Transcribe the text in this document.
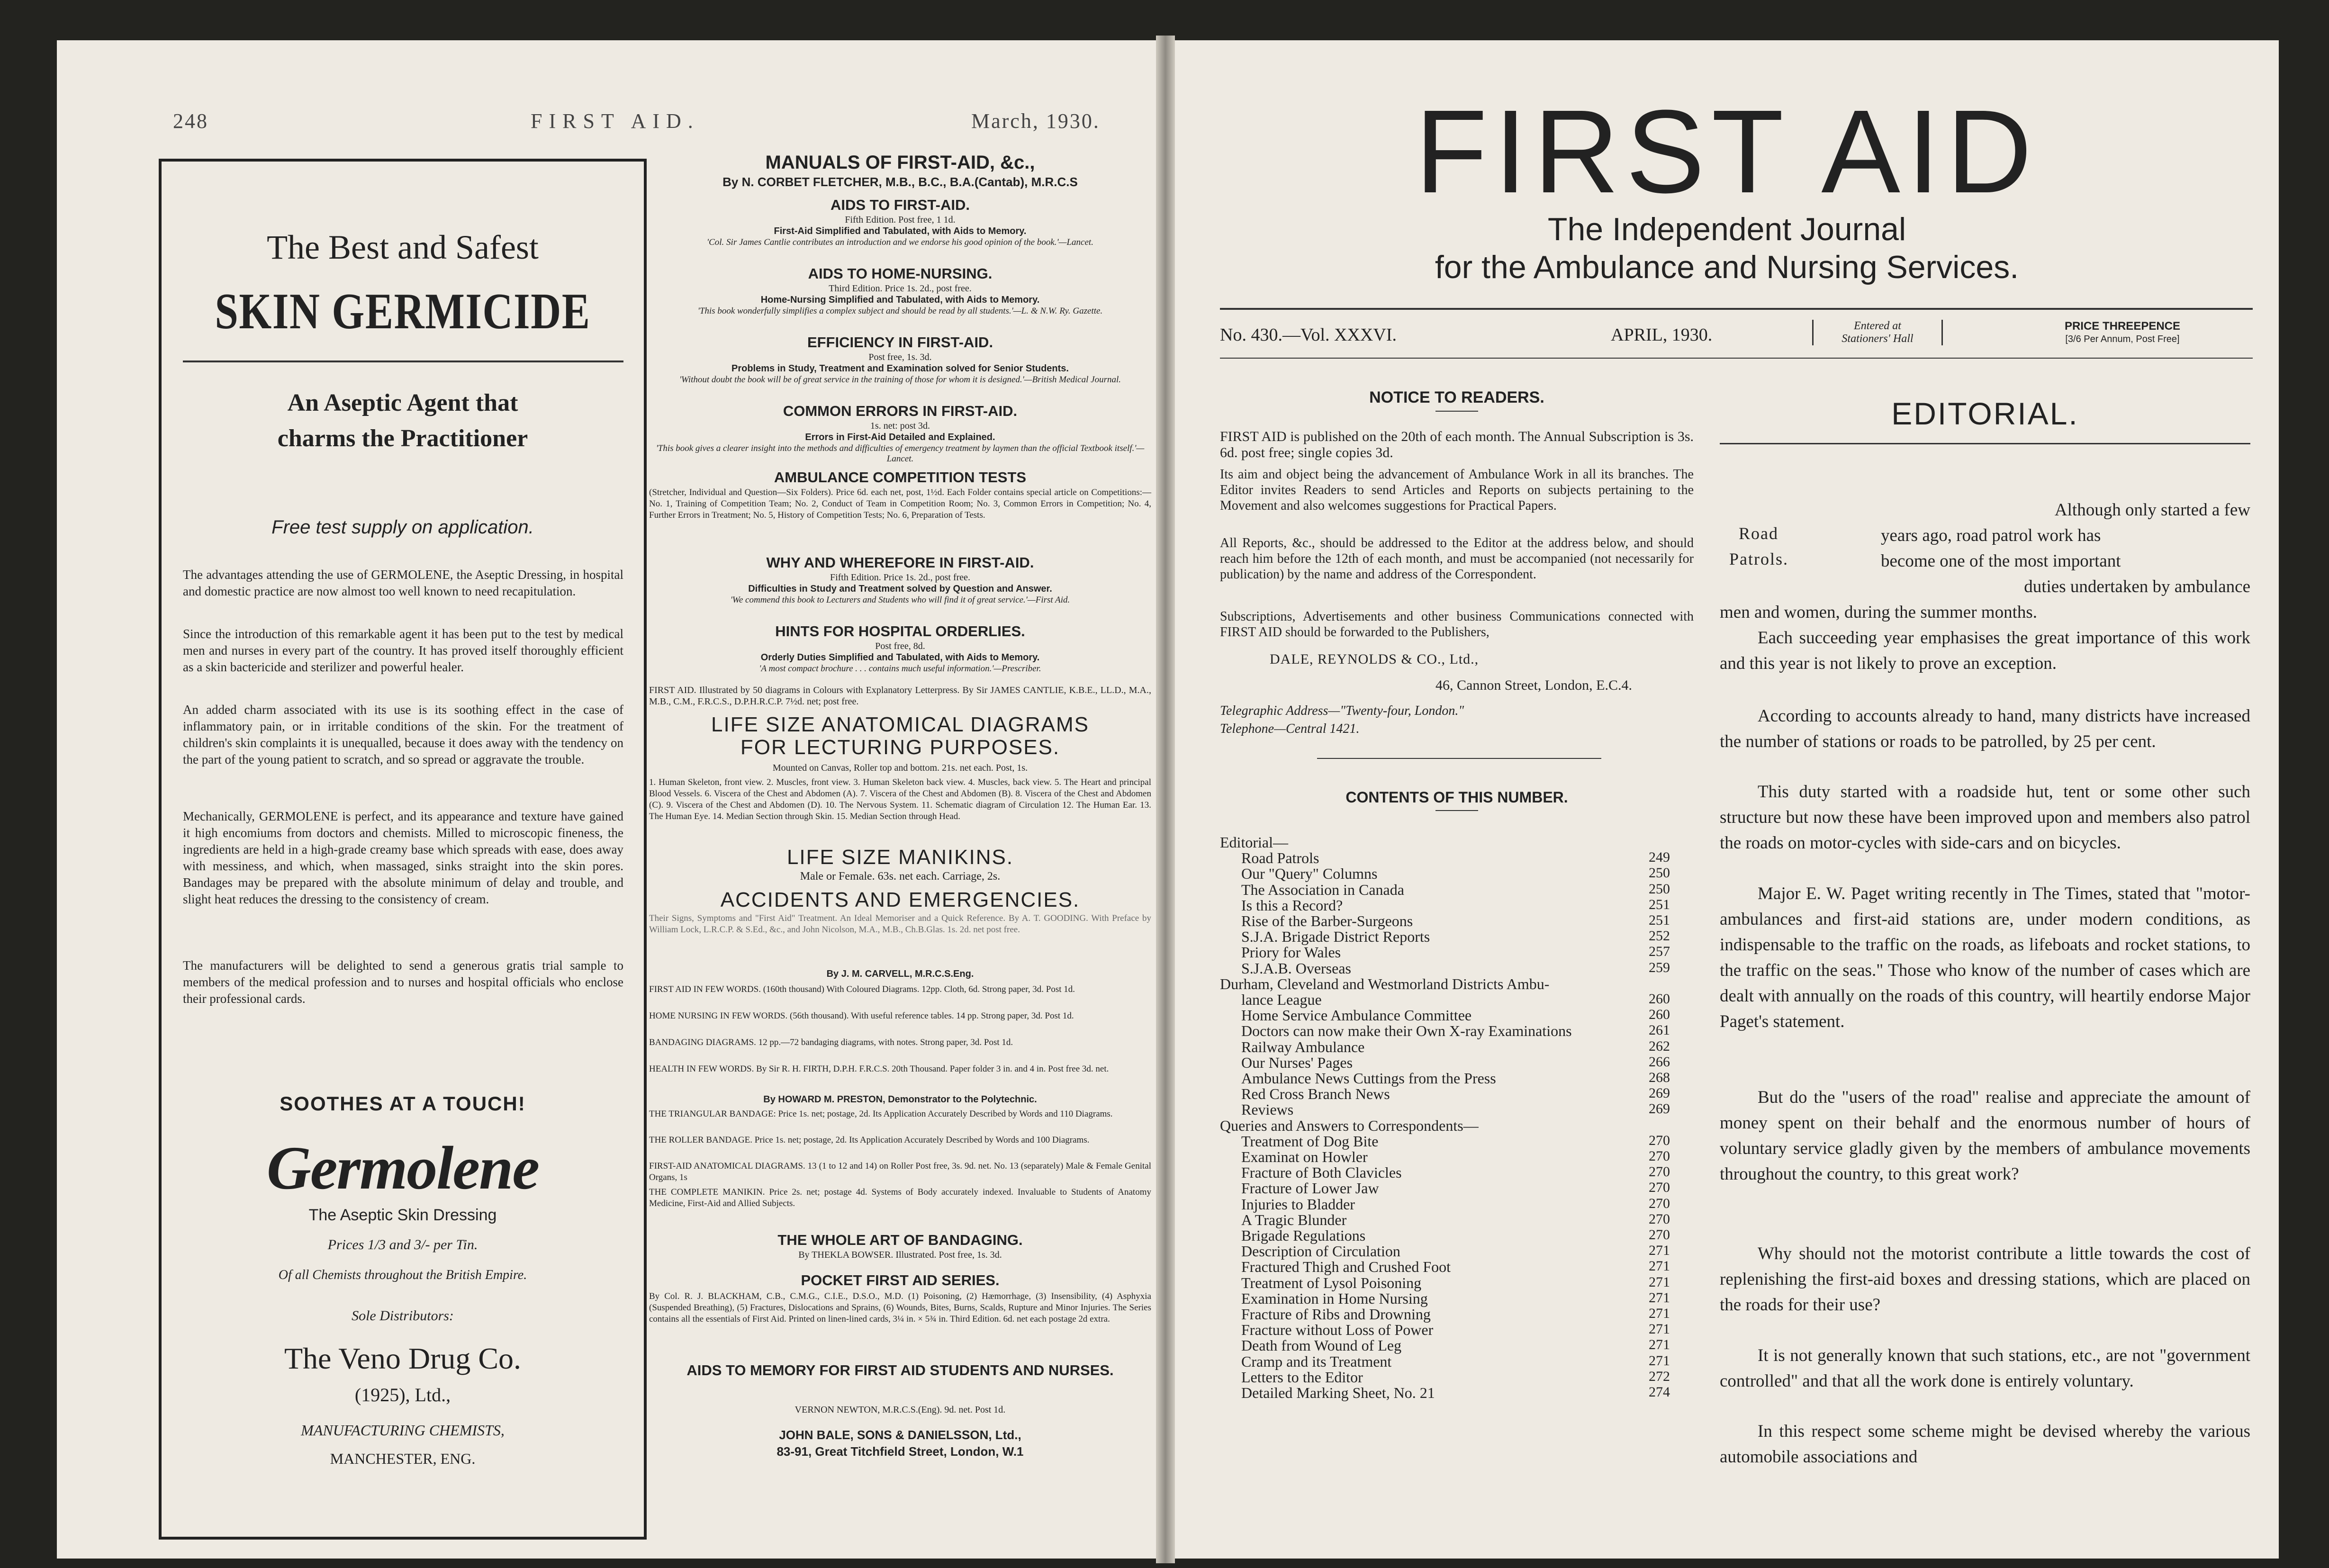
248	FIRST AID.	March, 1930.
The Best and Safest
SKIN GERMICIDE
An Aseptic Agent that
charms the Practitioner
Free test supply on application.
The advantages attending the use of GERMOLENE, the Aseptic Dressing, in hospital and domestic practice are now almost too well known to need recapitulation.
Since the introduction of this remarkable agent it has been put to the test by medical men and nurses in every part of the country. It has proved itself thoroughly efficient as a skin bactericide and sterilizer and powerful healer.
An added charm associated with its use is its soothing effect in the case of inflammatory pain, or in irritable conditions of the skin. For the treatment of children's skin complaints it is unequalled, because it does away with the tendency on the part of the young patient to scratch, and so spread or aggravate the trouble.
Mechanically, GERMOLENE is perfect, and its appearance and texture have gained it high encomiums from doctors and chemists. Milled to microscopic fineness, the ingredients are held in a high-grade creamy base which spreads with ease, does away with messiness, and which, when massaged, sinks straight into the skin pores. Bandages may be prepared with the absolute minimum of delay and trouble, and slight heat reduces the dressing to the consistency of cream.
The manufacturers will be delighted to send a generous gratis trial sample to members of the medical profession and to nurses and hospital officials who enclose their professional cards.
SOOTHES AT A TOUCH!
Germolene
The Aseptic Skin Dressing
Prices 1/3 and 3/- per Tin.
Of all Chemists throughout the British Empire.
Sole Distributors:
The Veno Drug Co.
(1925), Ltd.,
MANUFACTURING CHEMISTS,
MANCHESTER, ENG.
MANUALS OF FIRST-AID, &c.,
By N. CORBET FLETCHER, M.B., B.C., B.A.(Cantab), M.R.C.S
AIDS TO FIRST-AID.
Fifth Edition. Post free, 1 1d.
First-Aid Simplified and Tabulated, with Aids to Memory.
'Col. Sir James Cantlie contributes an introduction and we endorse his good opinion of the book.'—Lancet.
AIDS TO HOME-NURSING.
Third Edition. Price 1s. 2d., post free.
Home-Nursing Simplified and Tabulated, with Aids to Memory.
'This book wonderfully simplifies a complex subject and should be read by all students.'—L. & N.W. Ry. Gazette.
EFFICIENCY IN FIRST-AID.
Post free, 1s. 3d.
Problems in Study, Treatment and Examination solved for Senior Students.
'Without doubt the book will be of great service in the training of those for whom it is designed.'—British Medical Journal.
COMMON ERRORS IN FIRST-AID.
1s. net: post 3d.
Errors in First-Aid Detailed and Explained.
'This book gives a clearer insight into the methods and difficulties of emergency treatment by laymen than the official Textbook itself.'—Lancet.
AMBULANCE COMPETITION TESTS
(Stretcher, Individual and Question—Six Folders). Price 6d. each net, post, 1½d. Each Folder contains special article on Competitions:—No. 1, Training of Competition Team; No. 2, Conduct of Team in Competition Room; No. 3, Common Errors in Competition; No. 4, Further Errors in Treatment; No. 5, History of Competition Tests; No. 6, Preparation of Tests.
WHY AND WHEREFORE IN FIRST-AID.
Fifth Edition. Price 1s. 2d., post free.
Difficulties in Study and Treatment solved by Question and Answer.
'We commend this book to Lecturers and Students who will find it of great service.'—First Aid.
HINTS FOR HOSPITAL ORDERLIES.
Post free, 8d.
Orderly Duties Simplified and Tabulated, with Aids to Memory.
'A most compact brochure . . . contains much useful information.'—Prescriber.
FIRST AID. Illustrated by 50 diagrams in Colours with Explanatory Letterpress. By Sir JAMES CANTLIE, K.B.E., LL.D., M.A., M.B., C.M., F.R.C.S., D.P.H.R.C.P. 7½d. net; post free.
LIFE SIZE ANATOMICAL DIAGRAMS
FOR LECTURING PURPOSES.
Mounted on Canvas, Roller top and bottom. 21s. net each. Post, 1s.
1. Human Skeleton, front view. 2. Muscles, front view. 3. Human Skeleton back view. 4. Muscles, back view. 5. The Heart and principal Blood Vessels. 6. Viscera of the Chest and Abdomen (A). 7. Viscera of the Chest and Abdomen (B). 8. Viscera of the Chest and Abdomen (C). 9. Viscera of the Chest and Abdomen (D). 10. The Nervous System. 11. Schematic diagram of Circulation 12. The Human Ear. 13. The Human Eye. 14. Median Section through Skin. 15. Median Section through Head.
LIFE SIZE MANIKINS.
Male or Female. 63s. net each. Carriage, 2s.
ACCIDENTS AND EMERGENCIES.
Their Signs, Symptoms and "First Aid" Treatment. An Ideal Memoriser and a Quick Reference. By A. T. GOODING. With Preface by William Lock, L.R.C.P. & S.Ed., &c., and John Nicolson, M.A., M.B., Ch.B.Glas. 1s. 2d. net post free.
By J. M. CARVELL, M.R.C.S.Eng.
FIRST AID IN FEW WORDS. (160th thousand) With Coloured Diagrams. 12pp. Cloth, 6d. Strong paper, 3d. Post 1d.
HOME NURSING IN FEW WORDS. (56th thousand). With useful reference tables. 14 pp. Strong paper, 3d. Post 1d.
BANDAGING DIAGRAMS. 12 pp.—72 bandaging diagrams, with notes. Strong paper, 3d. Post 1d.
HEALTH IN FEW WORDS. By Sir R. H. FIRTH, D.P.H. F.R.C.S. 20th Thousand. Paper folder 3 in. and 4 in. Post free 3d. net.
By HOWARD M. PRESTON, Demonstrator to the Polytechnic.
THE TRIANGULAR BANDAGE: Price 1s. net; postage, 2d. Its Application Accurately Described by Words and 110 Diagrams.
THE ROLLER BANDAGE. Price 1s. net; postage, 2d. Its Application Accurately Described by Words and 100 Diagrams.
FIRST-AID ANATOMICAL DIAGRAMS. 13 (1 to 12 and 14) on Roller Post free, 3s. 9d. net. No. 13 (separately) Male & Female Genital Organs, 1s
THE COMPLETE MANIKIN. Price 2s. net; postage 4d. Systems of Body accurately indexed. Invaluable to Students of Anatomy Medicine, First-Aid and Allied Subjects.
THE WHOLE ART OF BANDAGING.
By THEKLA BOWSER. Illustrated. Post free, 1s. 3d.
POCKET FIRST AID SERIES.
By Col. R. J. BLACKHAM, C.B., C.M.G., C.I.E., D.S.O., M.D. (1) Poisoning, (2) Hæmorrhage, (3) Insensibility, (4) Asphyxia (Suspended Breathing), (5) Fractures, Dislocations and Sprains, (6) Wounds, Bites, Burns, Scalds, Rupture and Minor Injuries. The Series contains all the essentials of First Aid. Printed on linen-lined cards, 3¼ in. × 5¾ in. Third Edition. 6d. net each postage 2d extra.
AIDS TO MEMORY FOR FIRST AID STUDENTS AND NURSES.
VERNON NEWTON, M.R.C.S.(Eng). 9d. net. Post 1d.
JOHN BALE, SONS & DANIELSSON, Ltd.,
83-91, Great Titchfield Street, London, W.1
FIRST AID
The Independent Journal
for the Ambulance and Nursing Services.
No. 430.—Vol. XXXVI.	APRIL, 1930.	Entered at
Stationers' Hall
PRICE THREEPENCE
[3/6 Per Annum, Post Free]
NOTICE TO READERS.
FIRST AID is published on the 20th of each month. The Annual Subscription is 3s. 6d. post free; single copies 3d.
Its aim and object being the advancement of Ambulance Work in all its branches. The Editor invites Readers to send Articles and Reports on subjects pertaining to the Movement and also welcomes suggestions for Practical Papers.
All Reports, &c., should be addressed to the Editor at the address below, and should reach him before the 12th of each month, and must be accompanied (not necessarily for publication) by the name and address of the Correspondent.
Subscriptions, Advertisements and other business Communications connected with FIRST AID should be forwarded to the Publishers,
DALE, REYNOLDS & CO., Ltd.,
46, Cannon Street, London, E.C.4.
Telegraphic Address—"Twenty-four, London."
Telephone—Central 1421.
CONTENTS OF THIS NUMBER.
EDITORIAL.
Road
Patrols.
Although only started a few
years ago, road patrol work has
become one of the most important
duties undertaken by ambulance
men and women, during the summer months.
Each succeeding year emphasises the great importance of this work and this year is not likely to prove an exception.
According to accounts already to hand, many districts have increased the number of stations or roads to be patrolled, by 25 per cent.
This duty started with a roadside hut, tent or some other such structure but now these have been improved upon and members also patrol the roads on motor-cycles with side-cars and on bicycles.
Major E. W. Paget writing recently in The Times, stated that "motor-ambulances and first-aid stations are, under modern conditions, as indispensable to the traffic on the roads, as lifeboats and rocket stations, to the traffic on the seas." Those who know of the number of cases which are dealt with annually on the roads of this country, will heartily endorse Major Paget's statement.
But do the "users of the road" realise and appreciate the amount of money spent on their behalf and the enormous number of hours of voluntary service gladly given by the members of ambulance movements throughout the country, to this great work?
Why should not the motorist contribute a little towards the cost of replenishing the first-aid boxes and dressing stations, which are placed on the roads for their use?
It is not generally known that such stations, etc., are not "government controlled" and that all the work done is entirely voluntary.
In this respect some scheme might be devised whereby the various automobile associations and
Editorial—
Road Patrols	249
Our "Query" Columns	250
The Association in Canada	250
Is this a Record?	251
Rise of the Barber-Surgeons	251
S.J.A. Brigade District Reports	252
Priory for Wales	257
S.J.A.B. Overseas	259
Durham, Cleveland and Westmorland Districts Ambu-
lance League	260
Home Service Ambulance Committee	260
Doctors can now make their Own X-ray Examinations	261
Railway Ambulance	262
Our Nurses' Pages	266
Ambulance News Cuttings from the Press	268
Red Cross Branch News	269
Reviews	269
Queries and Answers to Correspondents—
Treatment of Dog Bite	270
Examinat on Howler	270
Fracture of Both Clavicles	270
Fracture of Lower Jaw	270
Injuries to Bladder	270
A Tragic Blunder	270
Brigade Regulations	270
Description of Circulation	271
Fractured Thigh and Crushed Foot	271
Treatment of Lysol Poisoning	271
Examination in Home Nursing	271
Fracture of Ribs and Drowning	271
Fracture without Loss of Power	271
Death from Wound of Leg	271
Cramp and its Treatment	271
Letters to the Editor	272
Detailed Marking Sheet, No. 21	274
